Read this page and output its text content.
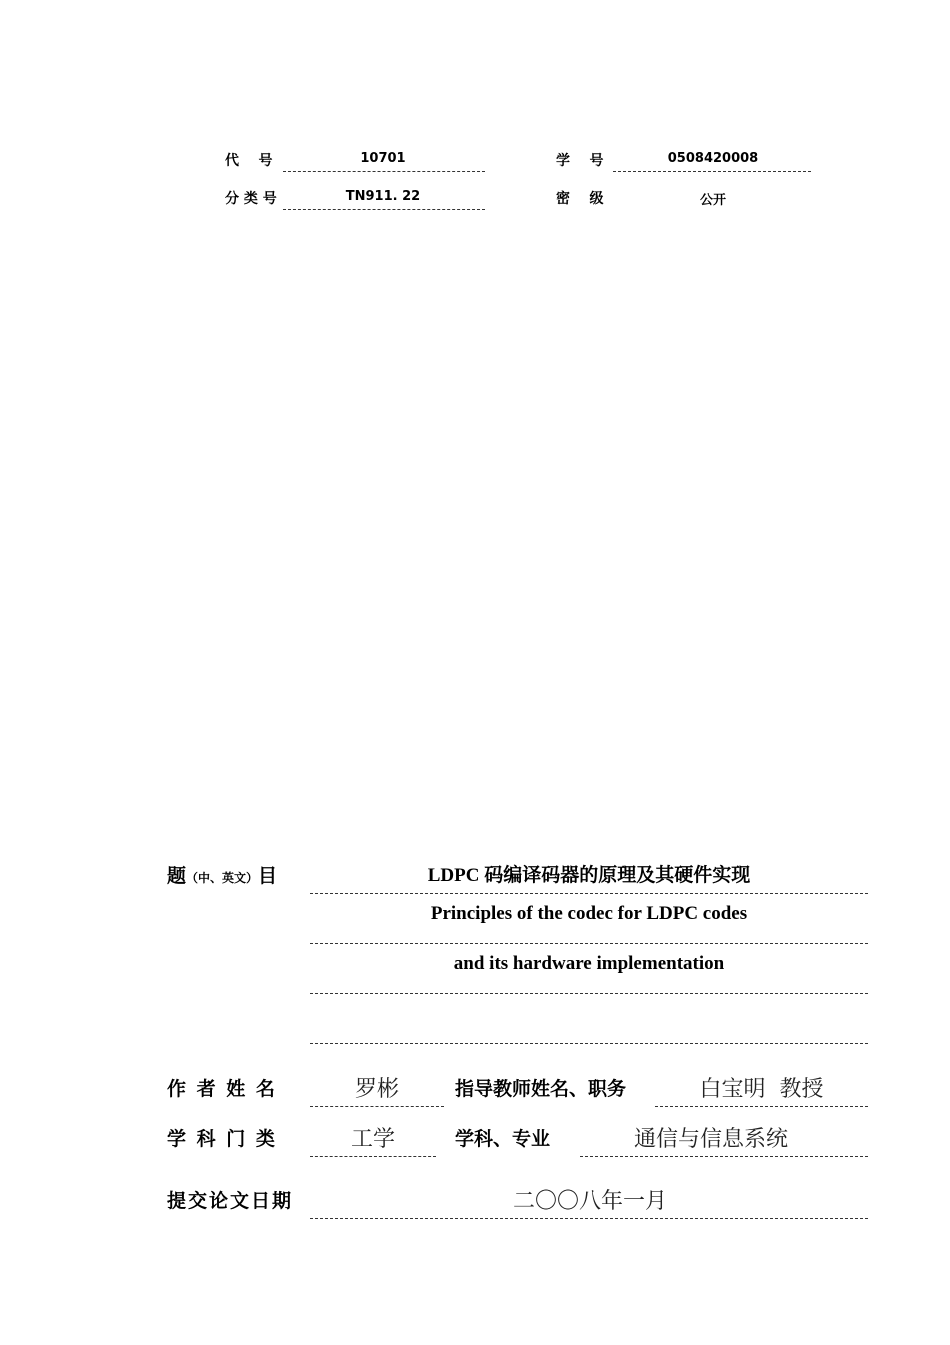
代    号	10701	学    号	0508420008
分 类 号	TN911. 22	密    级	公开
题（中、英文）目	LDPC 码编译码器的原理及其硬件实现
Principles of the codec for LDPC codes
and its hardware implementation
作 者 姓 名	罗彬	指导教师姓名、职务	白宝明  教授
学 科 门 类	工学	学科、专业	通信与信息系统
提交论文日期	二〇〇八年一月
